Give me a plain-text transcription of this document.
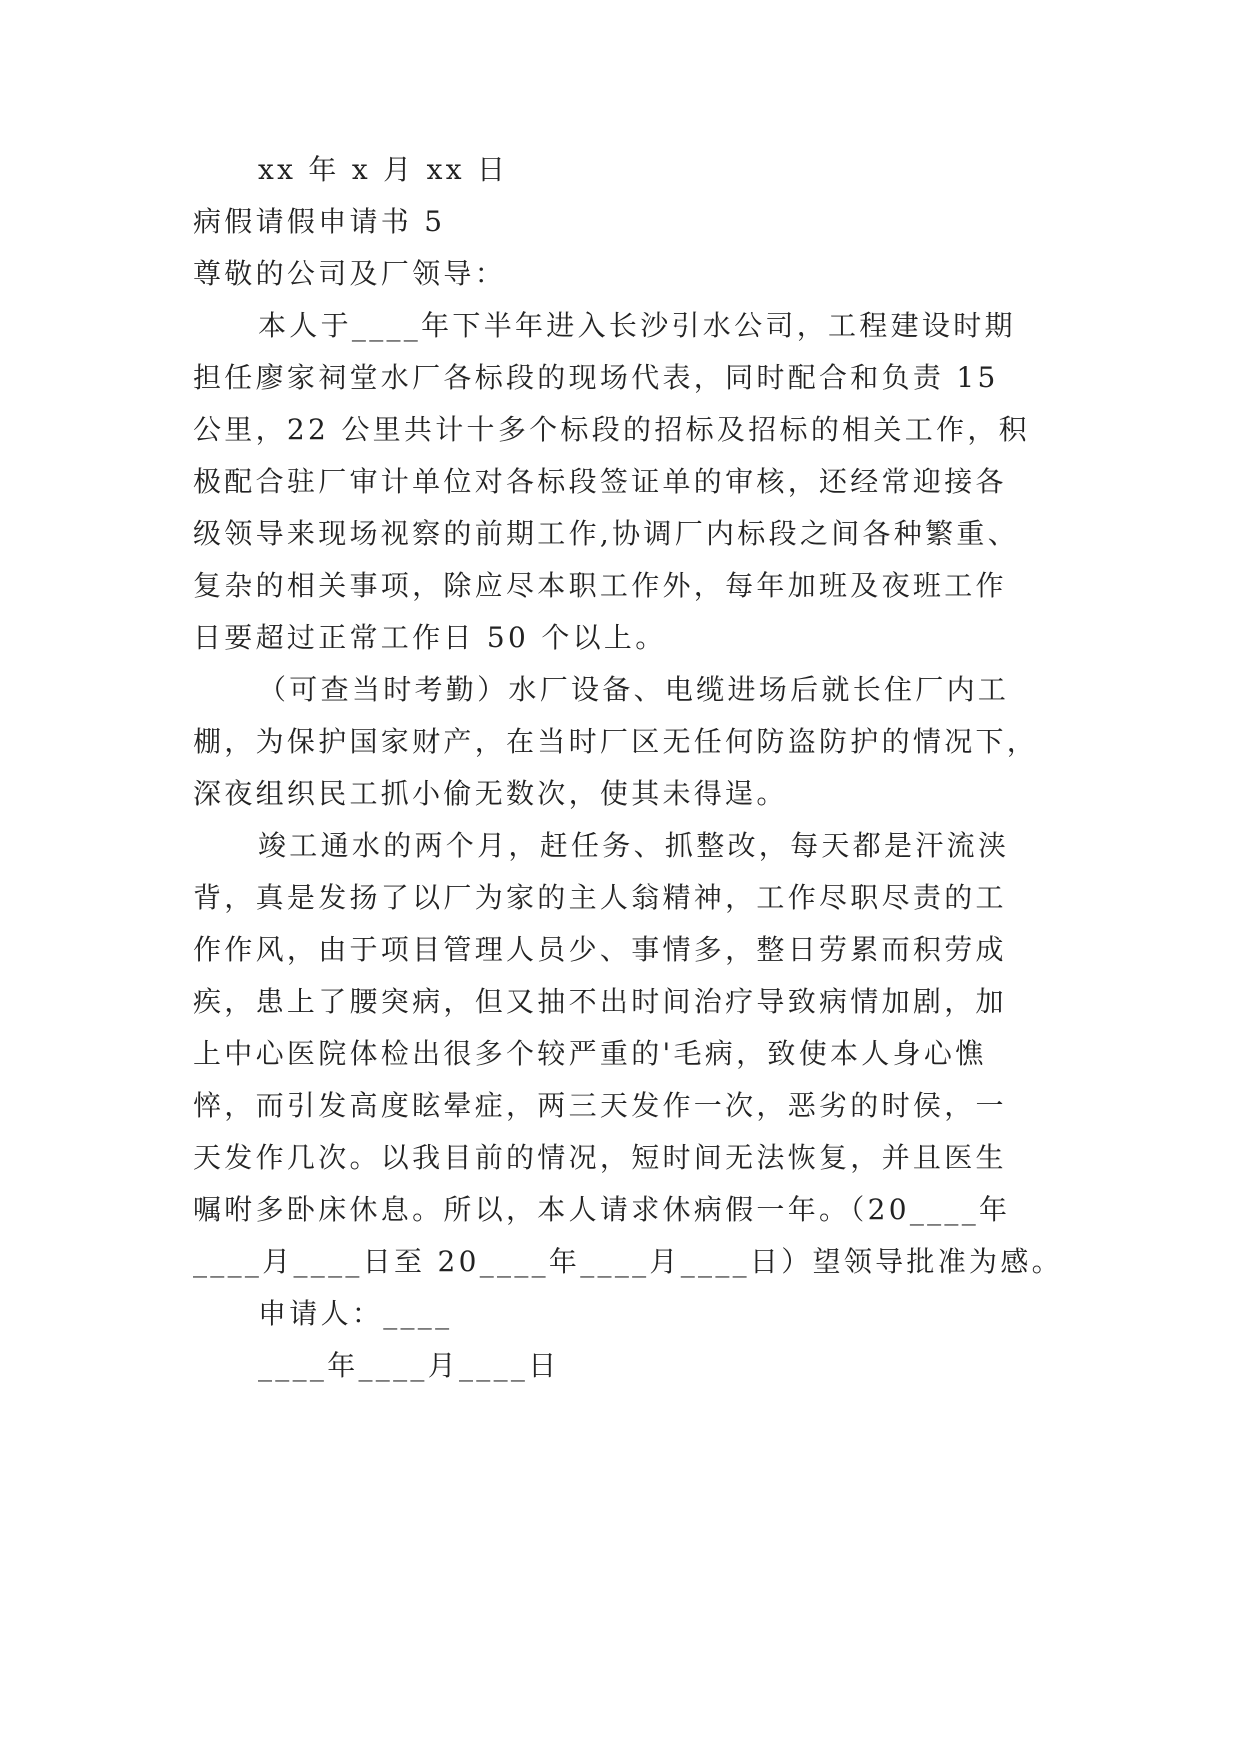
xx 年 x 月 xx 日
病假请假申请书 5
尊敬的公司及厂领导：
本人于____年下半年进入长沙引水公司，工程建设时期
担任廖家祠堂水厂各标段的现场代表，同时配合和负责 15
公里，22 公里共计十多个标段的招标及招标的相关工作，积
极配合驻厂审计单位对各标段签证单的审核，还经常迎接各
级领导来现场视察的前期工作,协调厂内标段之间各种繁重、
复杂的相关事项，除应尽本职工作外，每年加班及夜班工作
日要超过正常工作日 50 个以上。
（可查当时考勤）水厂设备、电缆进场后就长住厂内工
棚，为保护国家财产，在当时厂区无任何防盗防护的情况下，
深夜组织民工抓小偷无数次，使其未得逞。
竣工通水的两个月，赶任务、抓整改，每天都是汗流浃
背，真是发扬了以厂为家的主人翁精神，工作尽职尽责的工
作作风，由于项目管理人员少、事情多，整日劳累而积劳成
疾，患上了腰突病，但又抽不出时间治疗导致病情加剧，加
上中心医院体检出很多个较严重的'毛病，致使本人身心憔
悴，而引发高度眩晕症，两三天发作一次，恶劣的时侯，一
天发作几次。以我目前的情况，短时间无法恢复，并且医生
嘱咐多卧床休息。所以，本人请求休病假一年。（20____年
____月____日至 20____年____月____日）望领导批准为感。
申请人：____
____年____月____日
